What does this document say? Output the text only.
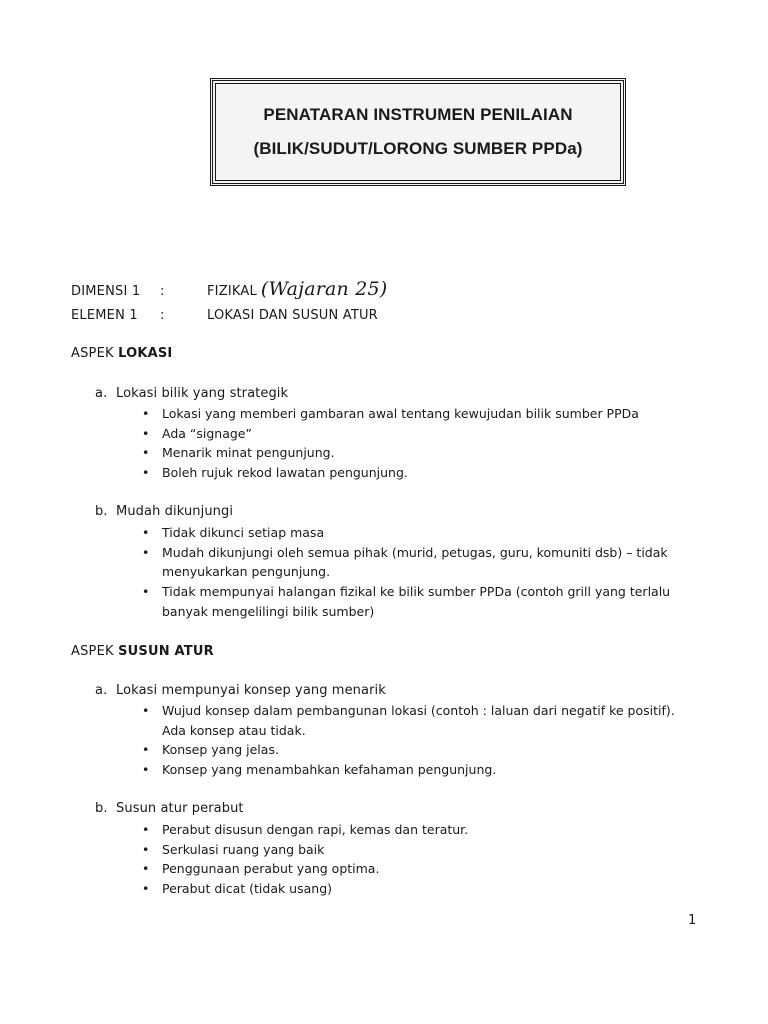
PENATARAN INSTRUMEN PENILAIAN
(BILIK/SUDUT/LORONG SUMBER PPDa)
DIMENSI 1	:	FIZIKAL (Wajaran 25)
ELEMEN 1	:	LOKASI DAN SUSUN ATUR
ASPEK LOKASI
a. Lokasi bilik yang strategik
•	Lokasi yang memberi gambaran awal tentang kewujudan bilik sumber PPDa
•	Ada “signage”
•	Menarik minat pengunjung.
•	Boleh rujuk rekod lawatan pengunjung.
b. Mudah dikunjungi
•	Tidak dikunci setiap masa
•	Mudah dikunjungi oleh semua pihak (murid, petugas, guru, komuniti dsb) – tidak menyukarkan pengunjung.
•	Tidak mempunyai halangan fizikal ke bilik sumber PPDa (contoh grill yang terlalu banyak mengelilingi bilik sumber)
ASPEK SUSUN ATUR
a. Lokasi mempunyai konsep yang menarik
•	Wujud konsep dalam pembangunan lokasi (contoh : laluan dari negatif ke positif). Ada konsep atau tidak.
•	Konsep yang jelas.
•	Konsep yang menambahkan kefahaman pengunjung.
b. Susun atur perabut
•	Perabut disusun dengan rapi, kemas dan teratur.
•	Serkulasi ruang yang baik
•	Penggunaan perabut yang optima.
•	Perabut dicat (tidak usang)
1
